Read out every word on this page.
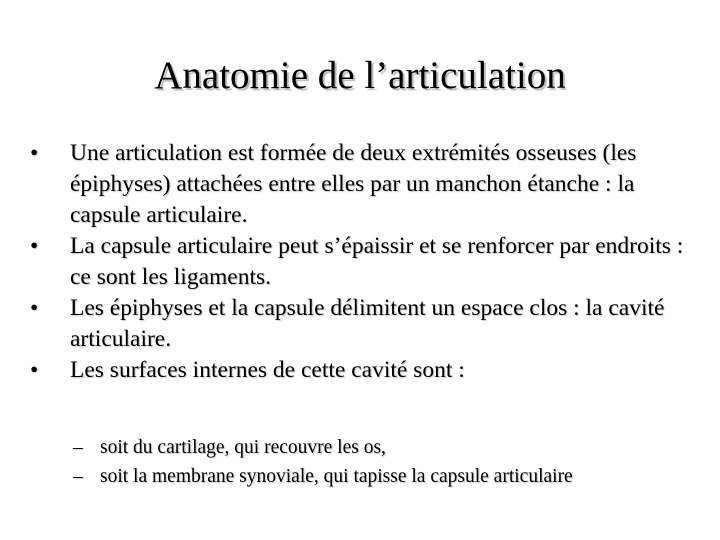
Anatomie de l’articulation
•	Une articulation est formée de deux extrémités osseuses (les épiphyses) attachées entre elles par un manchon étanche : la capsule articulaire.
•	La capsule articulaire peut s’épaissir et se renforcer par endroits : ce sont les ligaments.
•	Les épiphyses et la capsule délimitent un espace clos : la cavité articulaire.
•	Les surfaces internes de cette cavité sont :
– soit du cartilage, qui recouvre les os,
– soit la membrane synoviale, qui tapisse la capsule articulaire
